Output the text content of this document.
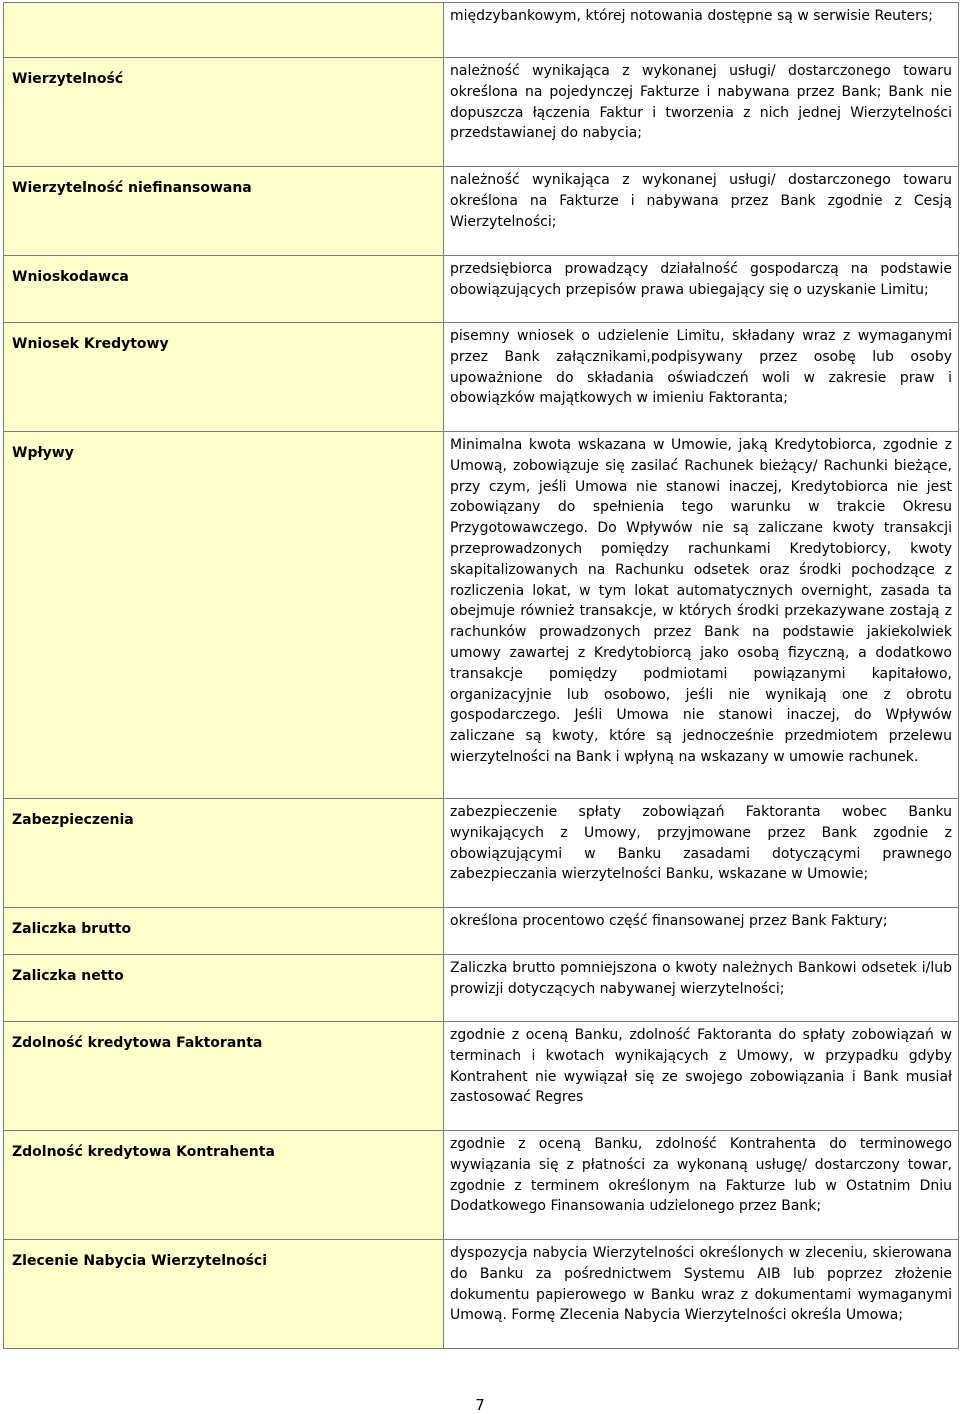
	międzybankowym, której notowania dostępne są w serwisie Reuters;
Wierzytelność	należność wynikająca z wykonanej usługi/ dostarczonego towaru określona na pojedynczej Fakturze i nabywana przez Bank; Bank nie dopuszcza łączenia Faktur i tworzenia z nich jednej Wierzytelności przedstawianej do nabycia;
Wierzytelność niefinansowana	należność wynikająca z wykonanej usługi/ dostarczonego towaru określona na Fakturze i nabywana przez Bank zgodnie z Cesją Wierzytelności;
Wnioskodawca	przedsiębiorca prowadzący działalność gospodarczą na podstawie obowiązujących przepisów prawa ubiegający się o uzyskanie Limitu;
Wniosek Kredytowy	pisemny wniosek o udzielenie Limitu, składany wraz z wymaganymi przez Bank załącznikami,podpisywany przez osobę lub osoby upoważnione do składania oświadczeń woli w zakresie praw i obowiązków majątkowych w imieniu Faktoranta;
Wpływy	Minimalna kwota wskazana w Umowie, jaką Kredytobiorca, zgodnie z Umową, zobowiązuje się zasilać Rachunek bieżący/ Rachunki bieżące, przy czym, jeśli Umowa nie stanowi inaczej, Kredytobiorca nie jest zobowiązany do spełnienia tego warunku w trakcie Okresu Przygotowawczego. Do Wpływów nie są zaliczane kwoty transakcji przeprowadzonych pomiędzy rachunkami Kredytobiorcy, kwoty skapitalizowanych na Rachunku odsetek oraz środki pochodzące z rozliczenia lokat, w tym lokat automatycznych overnight, zasada ta obejmuje również transakcje, w których środki przekazywane zostają z rachunków prowadzonych przez Bank na podstawie jakiekolwiek umowy zawartej z Kredytobiorcą jako osobą fizyczną, a dodatkowo transakcje pomiędzy podmiotami powiązanymi kapitałowo, organizacyjnie lub osobowo, jeśli nie wynikają one z obrotu gospodarczego. Jeśli Umowa nie stanowi inaczej, do Wpływów zaliczane są kwoty, które są jednocześnie przedmiotem przelewu wierzytelności na Bank i wpłyną na wskazany w umowie rachunek.
Zabezpieczenia	zabezpieczenie spłaty zobowiązań Faktoranta wobec Banku wynikających z Umowy, przyjmowane przez Bank zgodnie z obowiązującymi w Banku zasadami dotyczącymi prawnego zabezpieczania wierzytelności Banku, wskazane w Umowie;
Zaliczka brutto	określona procentowo część finansowanej przez Bank Faktury;
Zaliczka netto	Zaliczka brutto pomniejszona o kwoty należnych Bankowi odsetek i/lub prowizji dotyczących nabywanej wierzytelności;
Zdolność kredytowa Faktoranta	zgodnie z oceną Banku, zdolność Faktoranta do spłaty zobowiązań w terminach i kwotach wynikających z Umowy, w przypadku gdyby Kontrahent nie wywiązał się ze swojego zobowiązania i Bank musiał zastosować Regres
Zdolność kredytowa Kontrahenta	zgodnie z oceną Banku, zdolność Kontrahenta do terminowego wywiązania się z płatności za wykonaną usługę/ dostarczony towar, zgodnie z terminem określonym na Fakturze lub w Ostatnim Dniu Dodatkowego Finansowania udzielonego przez Bank;
Zlecenie Nabycia Wierzytelności	dyspozycja nabycia Wierzytelności określonych w zleceniu, skierowana do Banku za pośrednictwem Systemu AIB lub poprzez złożenie dokumentu papierowego w Banku wraz z dokumentami wymaganymi Umową. Formę Zlecenia Nabycia Wierzytelności określa Umowa;
7
